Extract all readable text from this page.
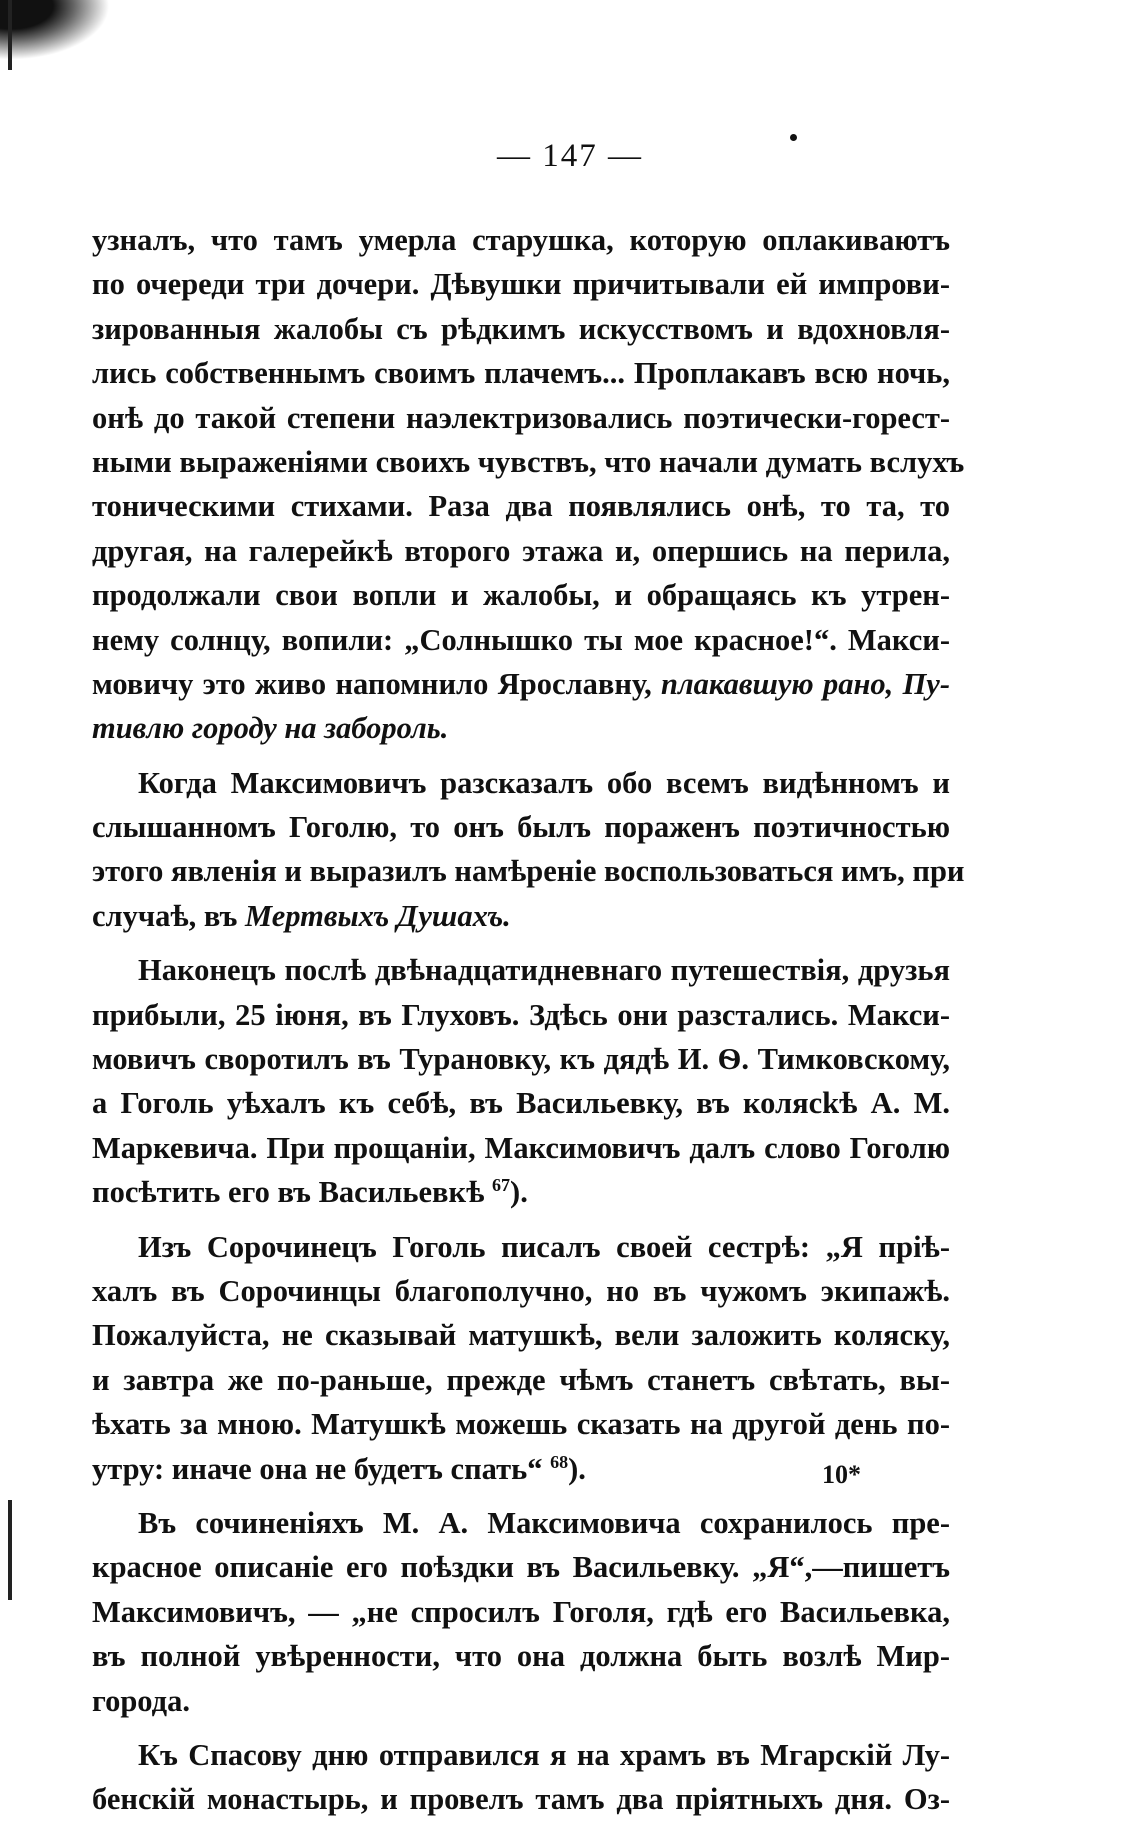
— 147 —
узналъ, что тамъ умерла старушка, которую оплакиваютъ
по очереди три дочери. Дѣвушки причитывали ей импрови-
зированныя жалобы съ рѣдкимъ искусствомъ и вдохновля-
лись собственнымъ своимъ плачемъ... Проплакавъ всю ночь,
онѣ до такой степени наэлектризовались поэтически-горест-
ными выраженіями своихъ чувствъ, что начали думать вслухъ
тоническими стихами. Раза два появлялись онѣ, то та, то
другая, на галерейкѣ второго этажа и, опершись на перила,
продолжали свои вопли и жалобы, и обращаясь къ утрен-
нему солнцу, вопили: „Солнышко ты мое красное!“. Макси-
мовичу это живо напомнило Ярославну, плакавшую рано, Пу-
тивлю городу на забороль.
Когда Максимовичъ разсказалъ обо всемъ видѣнномъ и
слышанномъ Гоголю, то онъ былъ пораженъ поэтичностью
этого явленія и выразилъ намѣреніе воспользоваться имъ, при
случаѣ, въ Мертвыхъ Душахъ.
Наконецъ послѣ двѣнадцатидневнаго путешествія, друзья
прибыли, 25 іюня, въ Глуховъ. Здѣсь они разстались. Макси-
мовичъ своротилъ въ Турановку, къ дядѣ И. Ѳ. Тимковскому,
а Гоголь уѣхалъ къ себѣ, въ Васильевку, въ колясkѣ А. М.
Маркевича. При прощаніи, Максимовичъ далъ слово Гоголю
посѣтить его въ Васильевкѣ $^{67}$).
Изъ Сорочинецъ Гоголь писалъ своей сестрѣ: „Я пріѣ-
халъ въ Сорочинцы благополучно, но въ чужомъ экипажѣ.
Пожалуйста, не сказывай матушкѣ, вели заложить коляску,
и завтра же по-раньше, прежде чѣмъ станетъ свѣтать, вы-
ѣхать за мною. Матушкѣ можешь сказать на другой день по-
утру: иначе она не будетъ спать“ $^{68}$).
Въ сочиненіяхъ М. А. Максимовича сохранилось пре-
красное описаніе его поѣздки въ Васильевку. „Я“,—пишетъ
Максимовичъ, — „не спросилъ Гоголя, гдѣ его Васильевка,
въ полной увѣренности, что она должна быть возлѣ Мир-
города.
Къ Спасову дню отправился я на храмъ въ Мгарскій Лу-
бенскій монастырь, и провелъ тамъ два пріятныхъ дня. Оз-
10*
